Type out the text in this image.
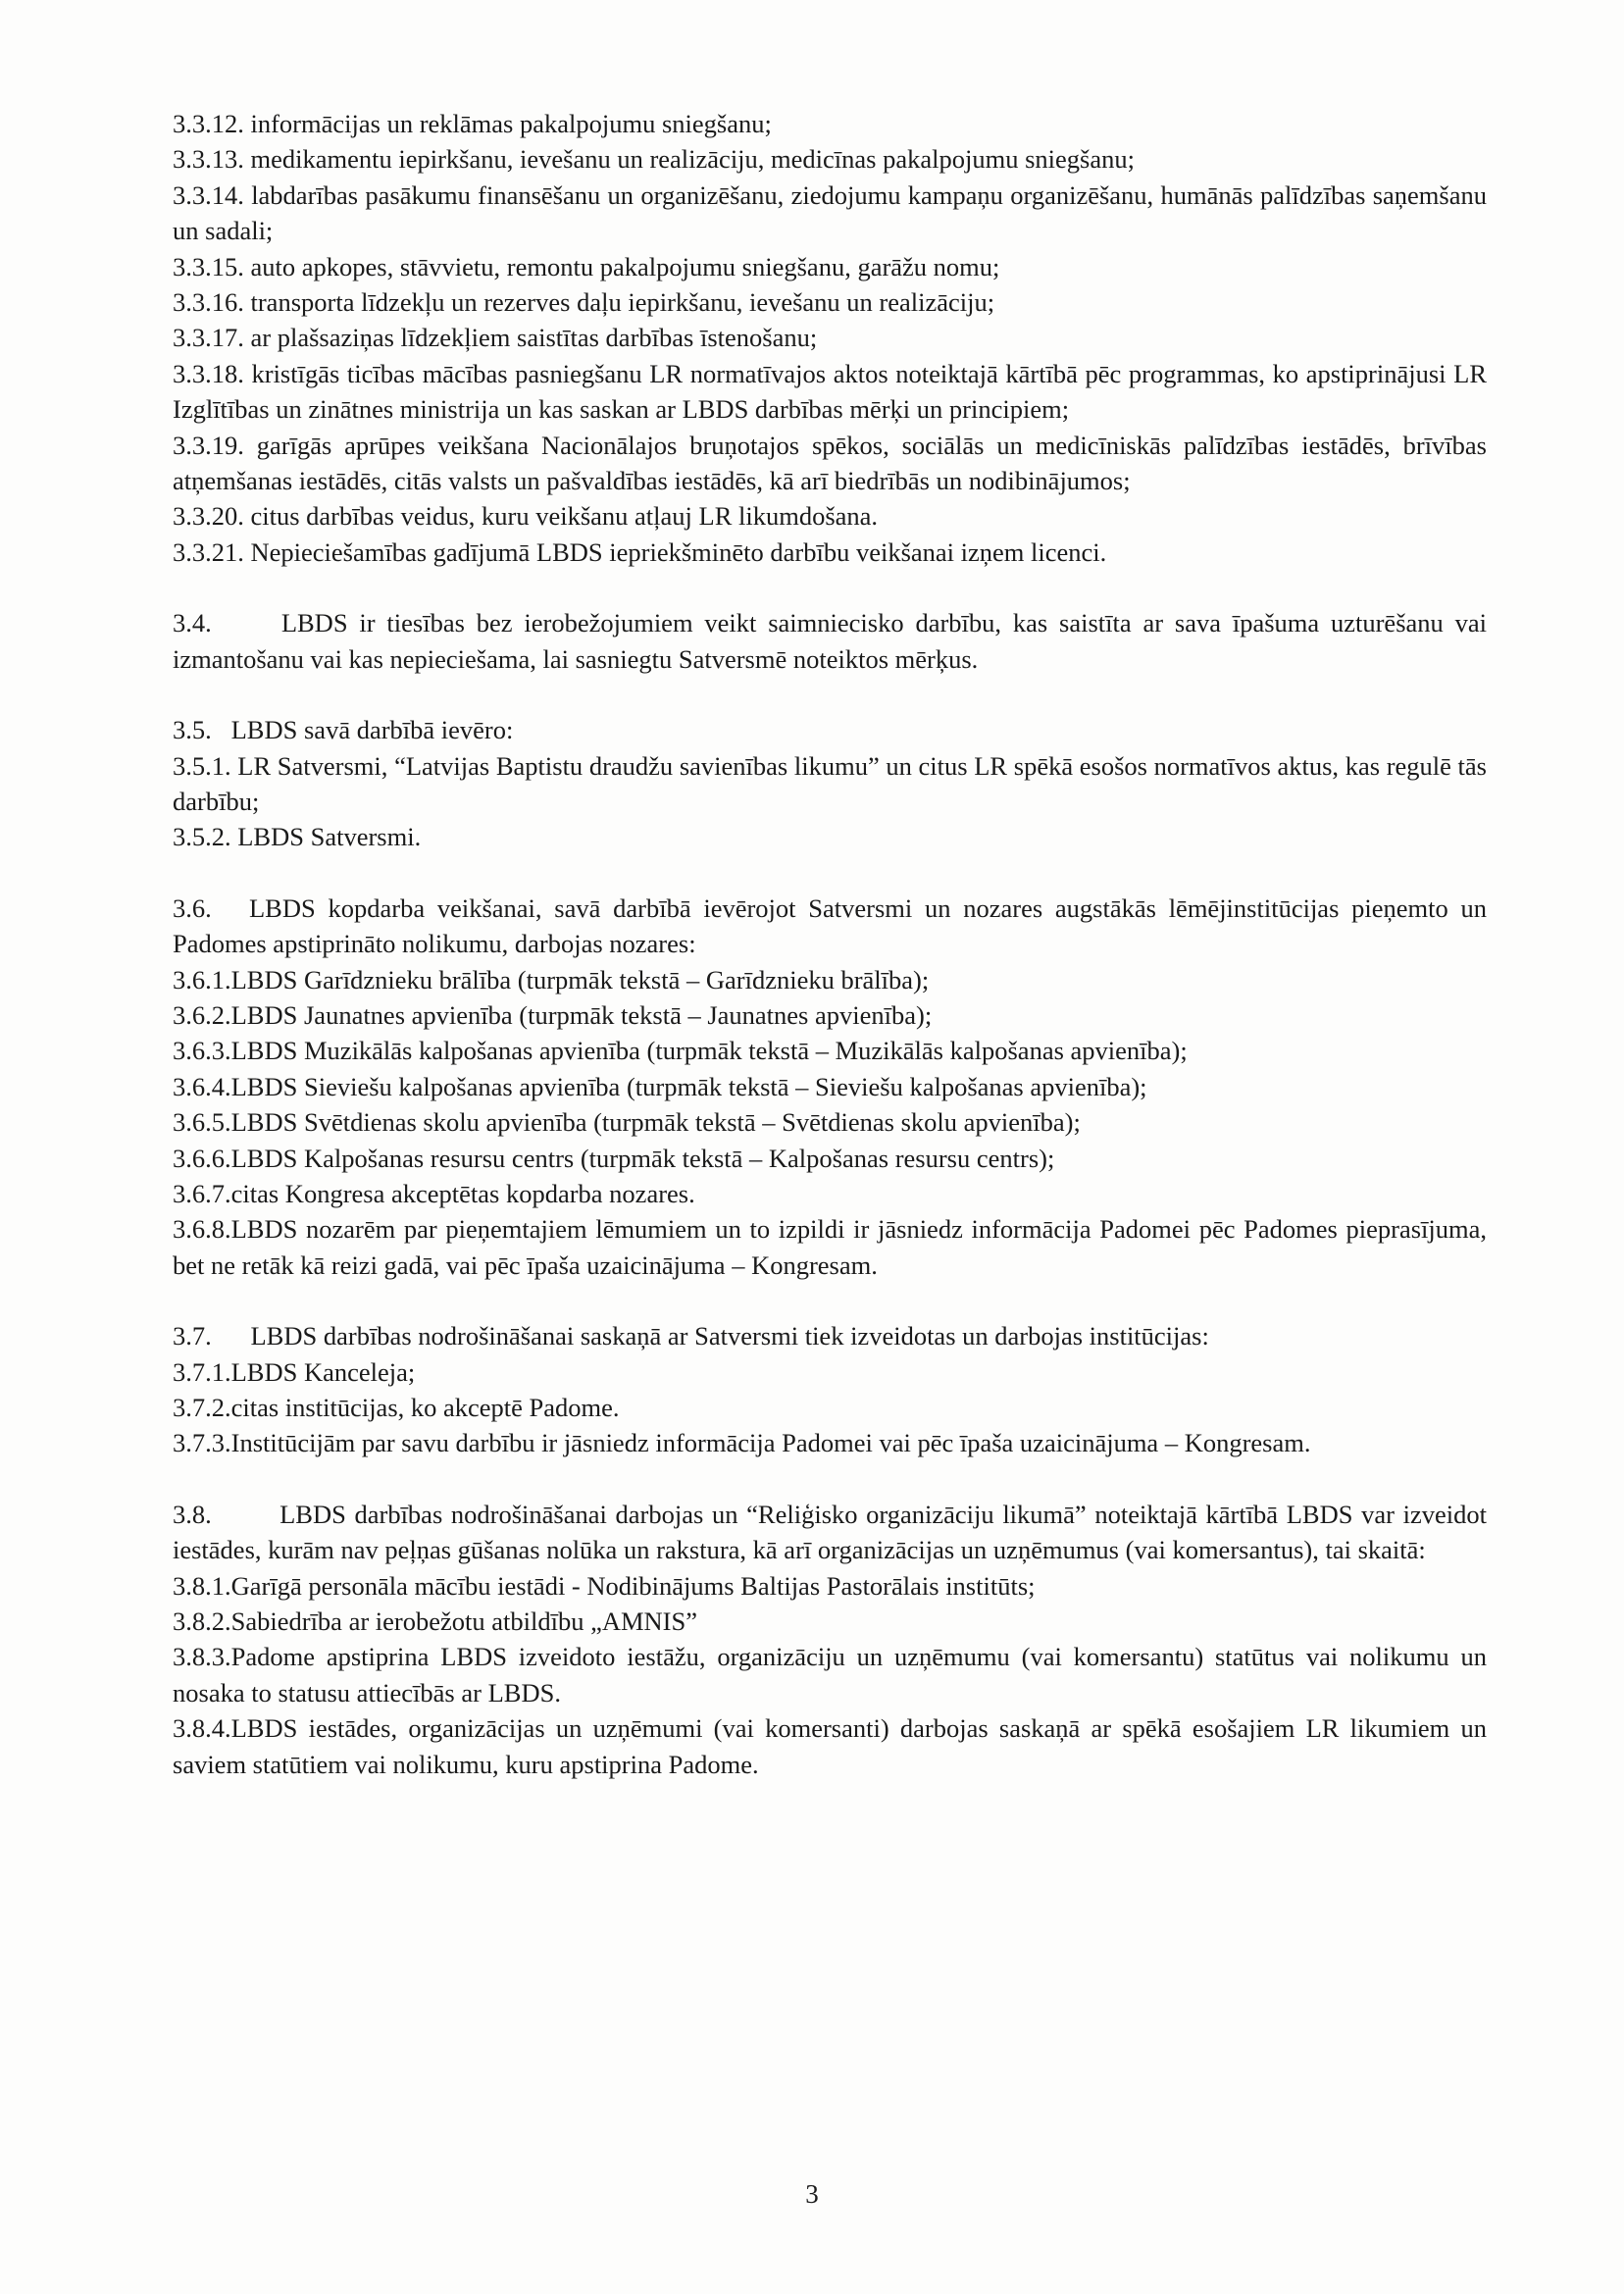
3.3.12. informācijas un reklāmas pakalpojumu sniegšanu;

3.3.13. medikamentu iepirkšanu, ievešanu un realizāciju, medicīnas pakalpojumu sniegšanu;

3.3.14. labdarības pasākumu finansēšanu un organizēšanu, ziedojumu kampaņu organizēšanu, humānās palīdzības saņemšanu un sadali;

3.3.15. auto apkopes, stāvvietu, remontu pakalpojumu sniegšanu, garāžu nomu;

3.3.16. transporta līdzekļu un rezerves daļu iepirkšanu, ievešanu un realizāciju;

3.3.17. ar plašsaziņas līdzekļiem saistītas darbības īstenošanu;

3.3.18. kristīgās ticības mācības pasniegšanu LR normatīvajos aktos noteiktajā kārtībā pēc programmas, ko apstiprinājusi LR Izglītības un zinātnes ministrija un kas saskan ar LBDS darbības mērķi un principiem;

3.3.19. garīgās aprūpes veikšana Nacionālajos bruņotajos spēkos, sociālās un medicīniskās palīdzības iestādēs, brīvības atņemšanas iestādēs, citās valsts un pašvaldības iestādēs, kā arī biedrībās un nodibinājumos;

3.3.20. citus darbības veidus, kuru veikšanu atļauj LR likumdošana.

3.3.21. Nepieciešamības gadījumā LBDS iepriekšminēto darbību veikšanai izņem licenci.

3.4.	LBDS ir tiesības bez ierobežojumiem veikt saimniecisko darbību, kas saistīta ar sava īpašuma uzturēšanu vai izmantošanu vai kas nepieciešama, lai sasniegtu Satversmē noteiktos mērķus.

3.5. LBDS savā darbībā ievēro:

3.5.1. LR Satversmi, “Latvijas Baptistu draudžu savienības likumu” un citus LR spēkā esošos normatīvos aktus, kas regulē tās darbību;

3.5.2. LBDS Satversmi.

3.6. LBDS kopdarba veikšanai, savā darbībā ievērojot Satversmi un nozares augstākās lēmējinstitūcijas pieņemto un Padomes apstiprināto nolikumu, darbojas nozares:

3.6.1.LBDS Garīdznieku brālība (turpmāk tekstā – Garīdznieku brālība);

3.6.2.LBDS Jaunatnes apvienība (turpmāk tekstā – Jaunatnes apvienība);

3.6.3.LBDS Muzikālās kalpošanas apvienība (turpmāk tekstā – Muzikālās kalpošanas apvienība);

3.6.4.LBDS Sieviešu kalpošanas apvienība (turpmāk tekstā – Sieviešu kalpošanas apvienība);

3.6.5.LBDS Svētdienas skolu apvienība (turpmāk tekstā – Svētdienas skolu apvienība);

3.6.6.LBDS Kalpošanas resursu centrs (turpmāk tekstā – Kalpošanas resursu centrs);

3.6.7.citas Kongresa akceptētas kopdarba nozares.

3.6.8.LBDS nozarēm par pieņemtajiem lēmumiem un to izpildi ir jāsniedz informācija Padomei pēc Padomes pieprasījuma, bet ne retāk kā reizi gadā, vai pēc īpaša uzaicinājuma – Kongresam.

3.7. LBDS darbības nodrošināšanai saskaņā ar Satversmi tiek izveidotas un darbojas institūcijas:

3.7.1.LBDS Kanceleja;

3.7.2.citas institūcijas, ko akceptē Padome.

3.7.3.Institūcijām par savu darbību ir jāsniedz informācija Padomei vai pēc īpaša uzaicinājuma – Kongresam.

3.8.	LBDS darbības nodrošināšanai darbojas un “Reliģisko organizāciju likumā” noteiktajā kārtībā LBDS var izveidot iestādes, kurām nav peļņas gūšanas nolūka un rakstura, kā arī organizācijas un uzņēmumus (vai komersantus), tai skaitā:

3.8.1.Garīgā personāla mācību iestādi - Nodibinājums Baltijas Pastorālais institūts;

3.8.2.Sabiedrība ar ierobežotu atbildību „AMNIS”

3.8.3.Padome apstiprina LBDS izveidoto iestāžu, organizāciju un uzņēmumu (vai komersantu) statūtus vai nolikumu un nosaka to statusu attiecībās ar LBDS.

3.8.4.LBDS iestādes, organizācijas un uzņēmumi (vai komersanti) darbojas saskaņā ar spēkā esošajiem LR likumiem un saviem statūtiem vai nolikumu, kuru apstiprina Padome.

3
